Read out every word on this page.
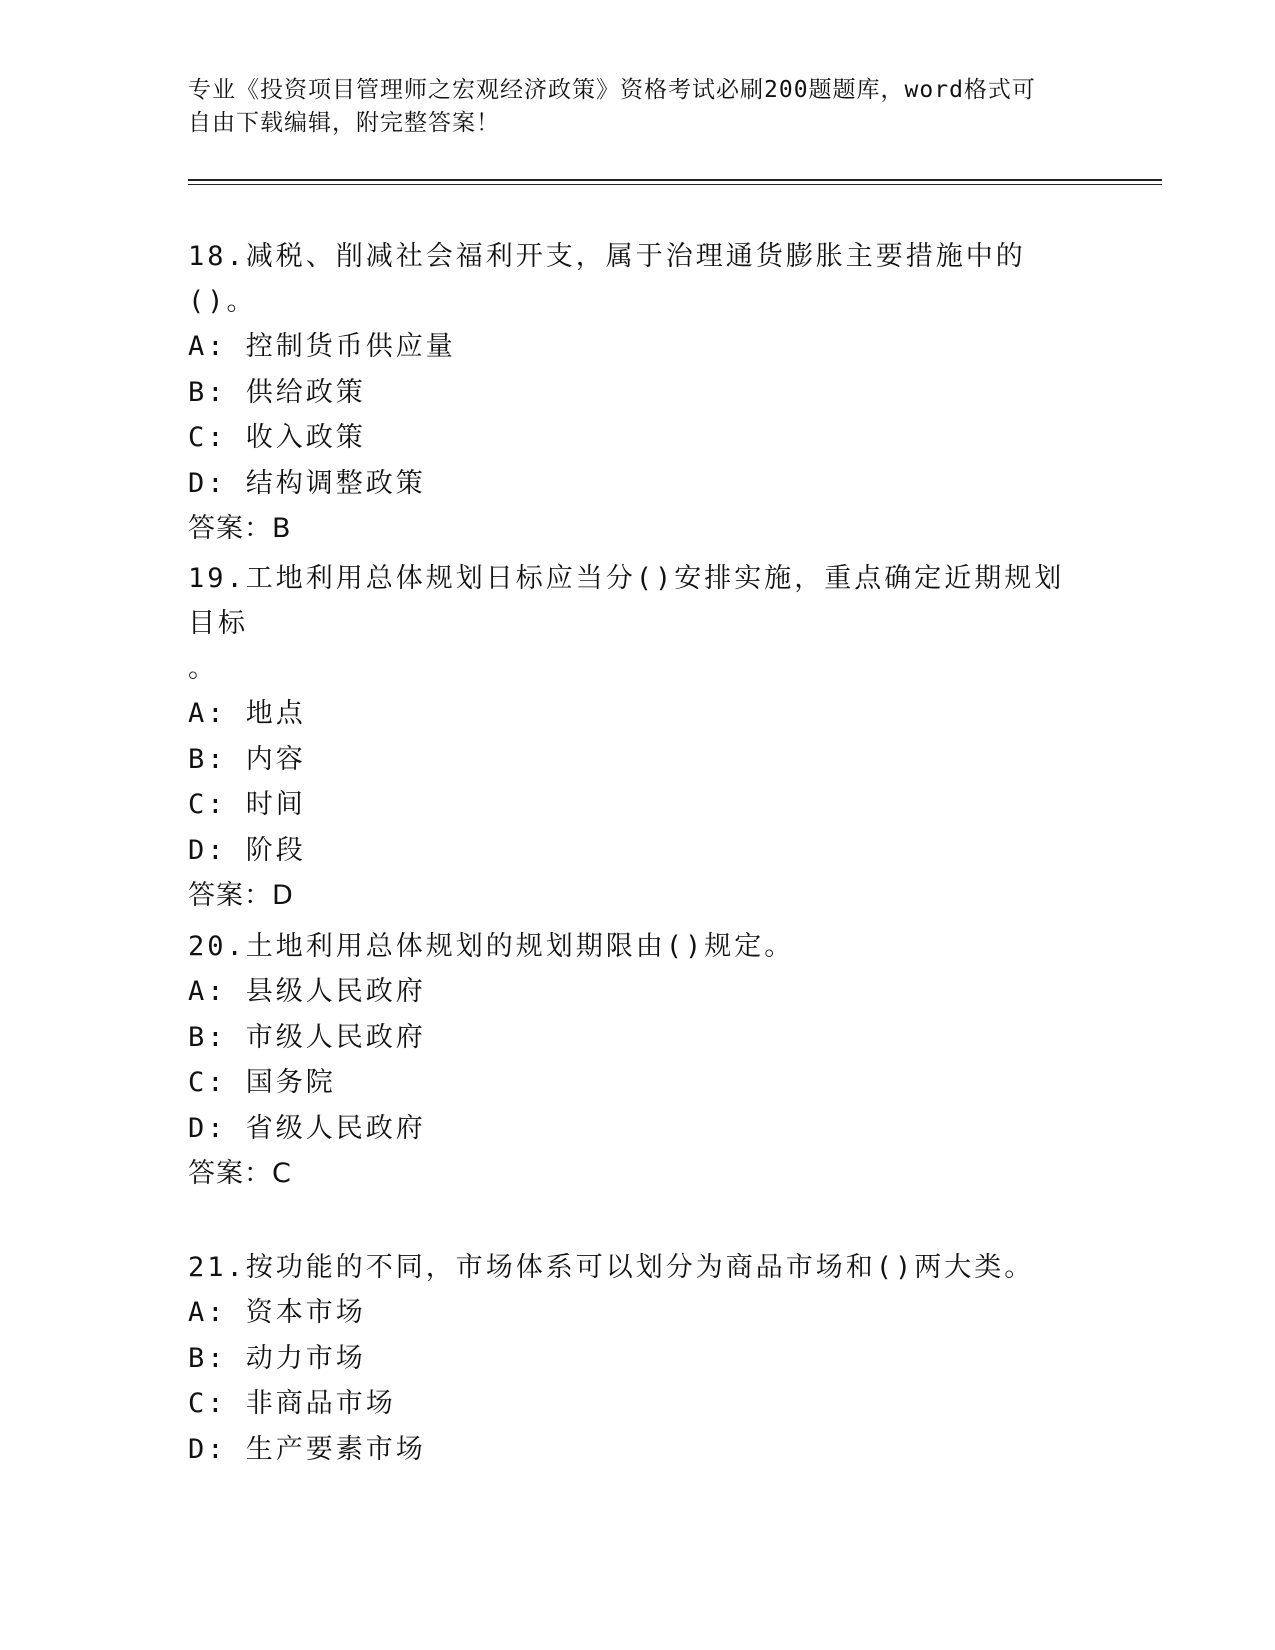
专业《投资项目管理师之宏观经济政策》资格考试必刷200题题库，word格式可
自由下载编辑，附完整答案！

18.减税、削减社会福利开支，属于治理通货膨胀主要措施中的()。

A: 控制货币供应量

B: 供给政策

C: 收入政策

D: 结构调整政策

答案：B

19.工地利用总体规划日标应当分()安排实施，重点确定近期规划目标

。

A: 地点

B: 内容

C: 时间

D: 阶段

答案：D

20.土地利用总体规划的规划期限由()规定。

A: 县级人民政府

B: 市级人民政府

C: 国务院

D: 省级人民政府

答案：C

21.按功能的不同，市场体系可以划分为商品市场和()两大类。

A: 资本市场

B: 动力市场

C: 非商品市场

D: 生产要素市场
